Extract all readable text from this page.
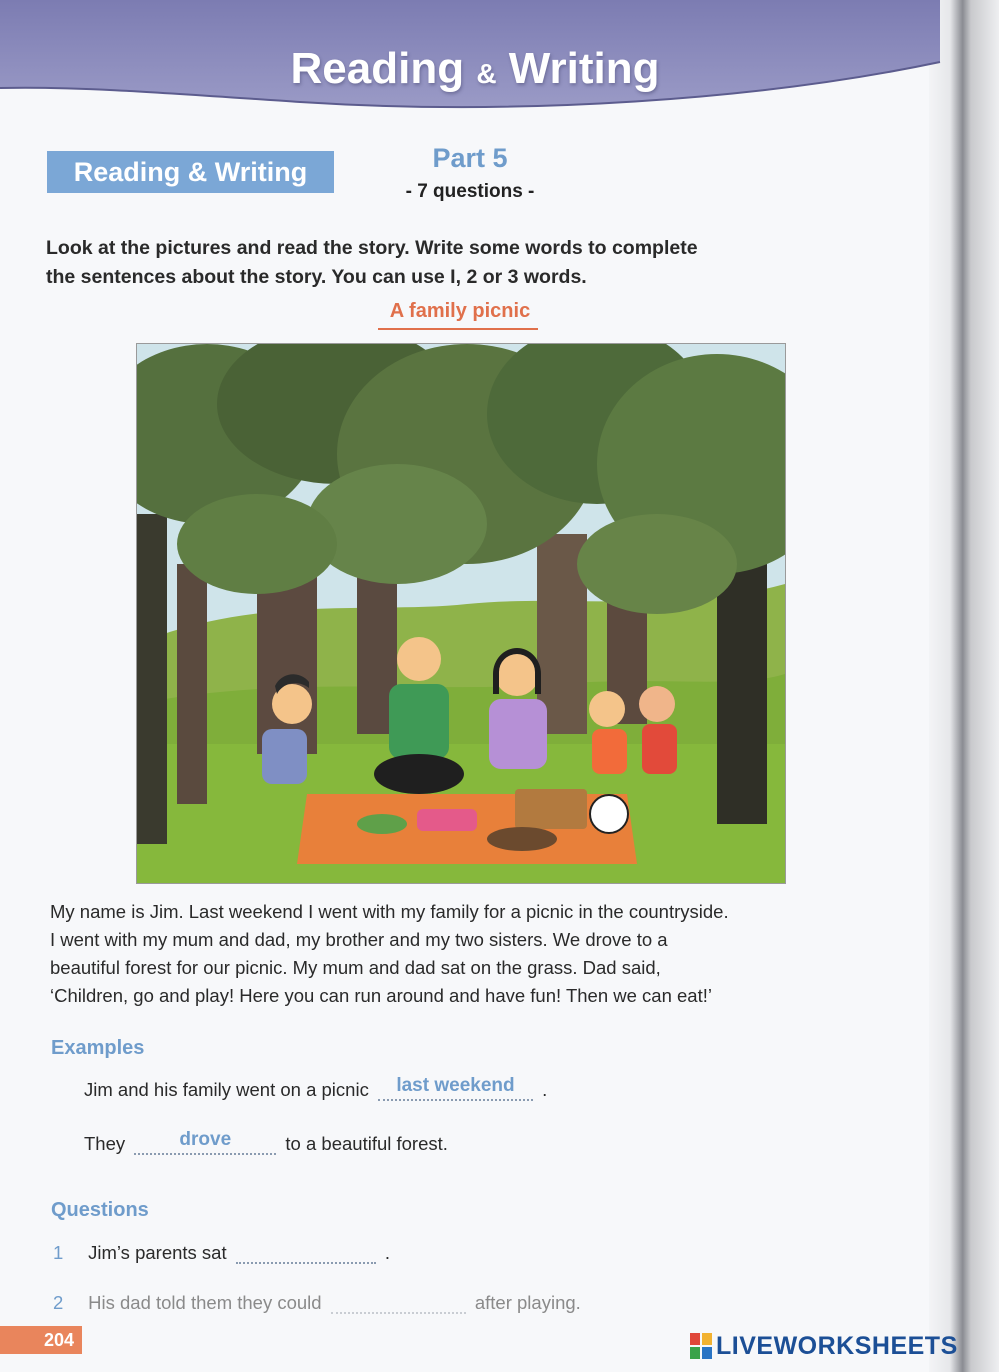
Reading & Writing
Reading & Writing	Part 5
- 7 questions -
Look at the pictures and read the story. Write some words to complete
the sentences about the story. You can use I, 2 or 3 words.
A family picnic

My name is Jim. Last weekend I went with my family for a picnic in the countryside.

I went with my mum and dad, my brother and my two sisters. We drove to a

beautiful forest for our picnic. My mum and dad sat on the grass. Dad said,

‘Children, go and play! Here you can run around and have fun! Then we can eat!’

Examples
Jim and his family went on a picnic	last weekend	.
They	drove	to a beautiful forest.
Questions
1 Jim’s parents sat	.
2 His dad told them they could	after playing.
204	LIVEWORKSHEETS
